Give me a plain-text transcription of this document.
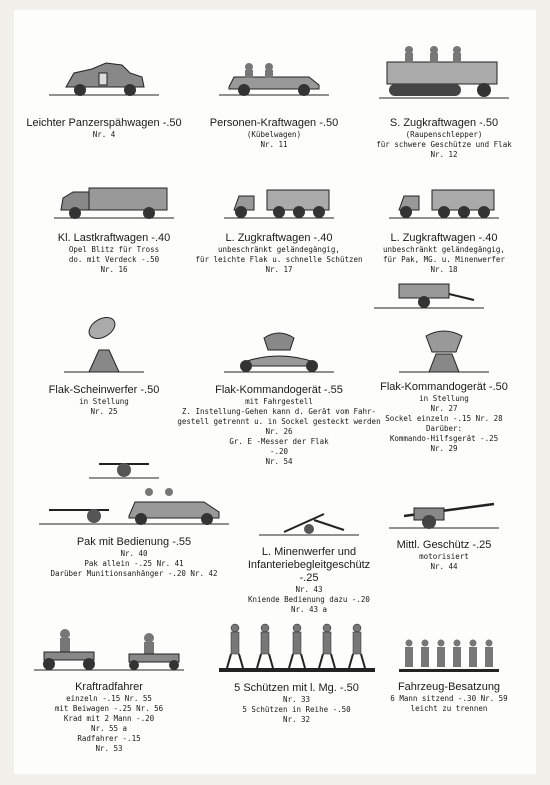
Leichter Panzerspähwagen -.50
Nr. 4
Personen-Kraftwagen -.50
(Kübelwagen)
Nr. 11
S. Zugkraftwagen -.50
(Raupenschlepper)
für schwere Geschütze und Flak
Nr. 12
Kl. Lastkraftwagen -.40
Opel Blitz für Tross
do. mit Verdeck -.50
Nr. 16
L. Zugkraftwagen -.40
unbeschränkt geländegängig,
für leichte Flak u. schnelle Schützen
Nr. 17
L. Zugkraftwagen -.40
unbeschränkt geländegängig,
für Pak, MG. u. Minenwerfer
Nr. 18
Flak-Scheinwerfer -.50
in Stellung
Nr. 25
Flak-Kommandogerät -.55
mit Fahrgestell
Z. Instellung-Gehen kann d. Gerät vom Fahr-
gestell getrennt u. in Sockel gesteckt werden
Nr. 26
Gr. E -Messer der Flak
-.20
Nr. 54
Flak-Kommandogerät -.50
in Stellung
Nr. 27
Sockel einzeln -.15 Nr. 28
Darüber:
Kommando-Hilfsgerät -.25
Nr. 29
Pak mit Bedienung -.55
Nr. 40
Pak allein -.25 Nr. 41
Darüber Munitionsanhänger -.20 Nr. 42
L. Minenwerfer und
Infanteriebegleitgeschütz
-.25
Nr. 43
Kniende Bedienung dazu -.20
Nr. 43 a
Mittl. Geschütz -.25
motorisiert
Nr. 44
Kraftradfahrer
einzeln -.15 Nr. 55
mit Beiwagen -.25 Nr. 56
Krad mit 2 Mann -.20
Nr. 55 a
Radfahrer -.15
Nr. 53
5 Schützen mit l. Mg. -.50
Nr. 33
5 Schützen in Reihe -.50
Nr. 32
Fahrzeug-Besatzung
6 Mann sitzend -.30 Nr. 59
leicht zu trennen
